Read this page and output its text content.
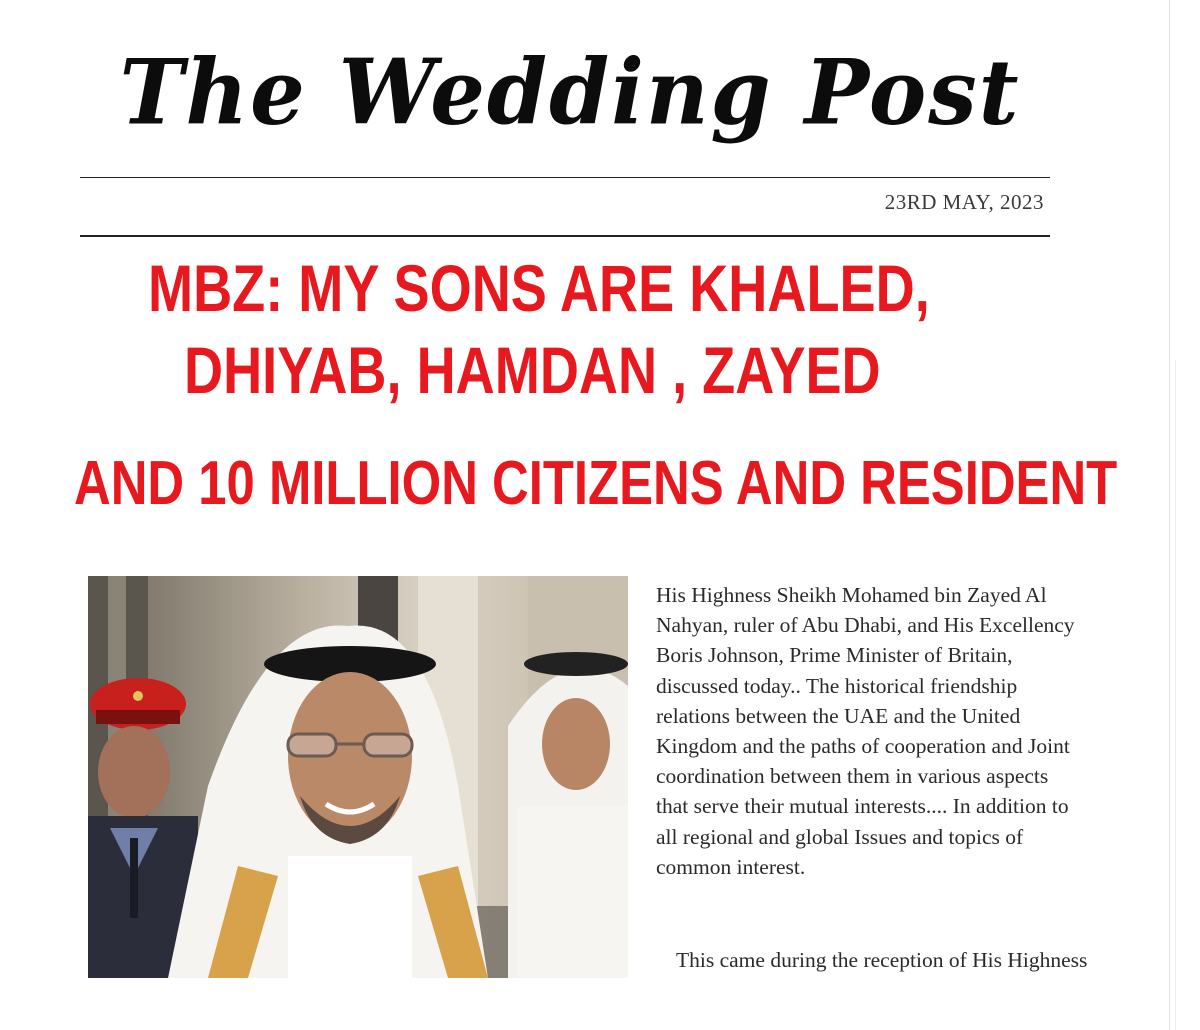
The Wedding Post
23RD MAY, 2023
MBZ: MY SONS ARE KHALED,
DHIYAB, HAMDAN , ZAYED
AND 10 MILLION CITIZENS AND RESIDENT
His Highness Sheikh Mohamed bin Zayed Al
Nahyan, ruler of Abu Dhabi, and His Excellency
Boris Johnson, Prime Minister of Britain,
discussed today.. The historical friendship
relations between the UAE and the United
Kingdom and the paths of cooperation and Joint
coordination between them in various aspects
that serve their mutual interests.... In addition to
all regional and global Issues and topics of
common interest.
This came during the reception of His Highness
